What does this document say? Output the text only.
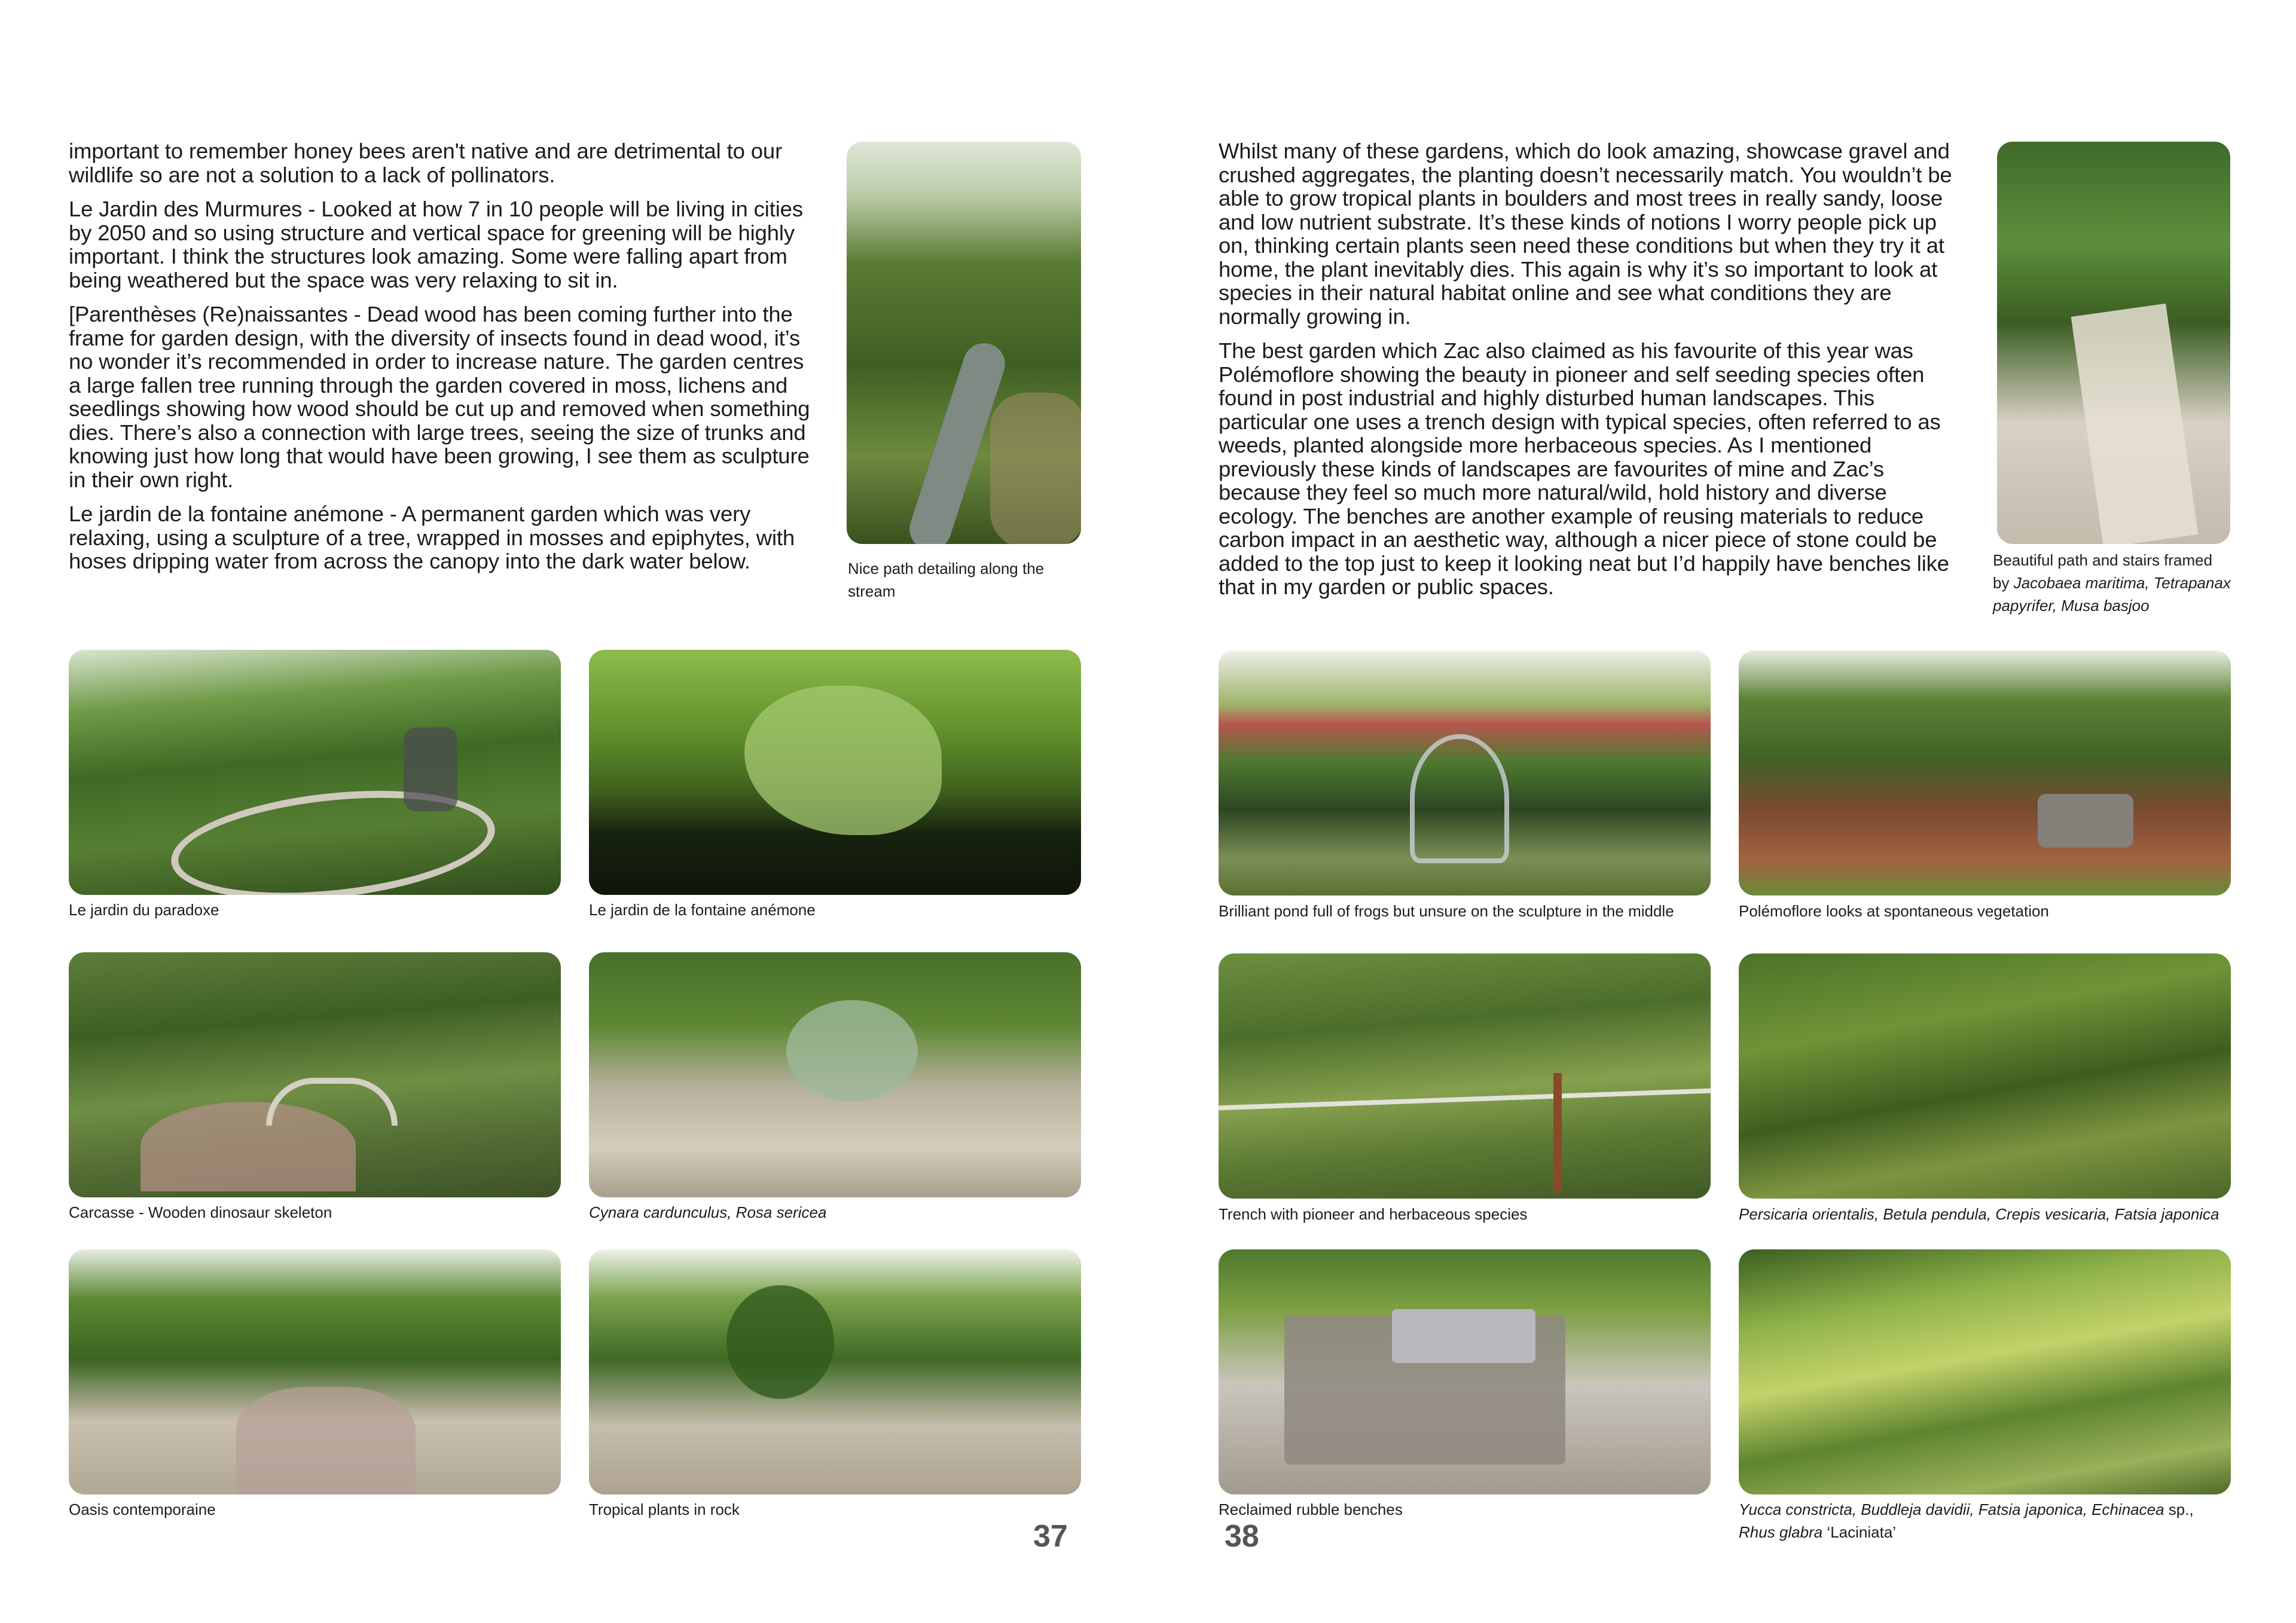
important to remember honey bees aren't native and are detrimental to our wildlife so are not a solution to a lack of pollinators.

Le Jardin des Murmures - Looked at how 7 in 10 people will be living in cities by 2050 and so using structure and vertical space for greening will be highly important. I think the structures look amazing. Some were falling apart from being weathered but the space was very relaxing to sit in.

[Parenthèses (Re)naissantes - Dead wood has been coming further into the frame for garden design, with the diversity of insects found in dead wood, it’s no wonder it’s recommended in order to increase nature. The garden centres a large fallen tree running through the garden covered in moss, lichens and seedlings showing how wood should be cut up and removed when something dies. There’s also a connection with large trees, seeing the size of trunks and knowing just how long that would have been growing, I see them as sculpture in their own right.

Le jardin de la fontaine anémone - A permanent garden which was very relaxing, using a sculpture of a tree, wrapped in mosses and epiphytes, with hoses dripping water from across the canopy into the dark water below.	Nice path detailing along the stream
Le jardin du paradoxe	Le jardin de la fontaine anémone
Carcasse - Wooden dinosaur skeleton	Cynara cardunculus, Rosa sericea
Oasis contemporaine	Tropical plants in rock
37

Whilst many of these gardens, which do look amazing, showcase gravel and crushed aggregates, the planting doesn’t necessarily match. You wouldn’t be able to grow tropical plants in boulders and most trees in really sandy, loose and low nutrient substrate. It’s these kinds of notions I worry people pick up on, thinking certain plants seen need these conditions but when they try it at home, the plant inevitably dies. This again is why it’s so important to look at species in their natural habitat online and see what conditions they are normally growing in.

The best garden which Zac also claimed as his favourite of this year was Polémoflore showing the beauty in pioneer and self seeding species often found in post industrial and highly disturbed human landscapes. This particular one uses a trench design with typical species, often referred to as weeds, planted alongside more herbaceous species. As I mentioned previously these kinds of landscapes are favourites of mine and Zac’s because they feel so much more natural/wild, hold history and diverse ecology. The benches are another example of reusing materials to reduce carbon impact in an aesthetic way, although a nicer piece of stone could be added to the top just to keep it looking neat but I’d happily have benches like that in my garden or public spaces.

Beautiful path and stairs framed by Jacobaea maritima, Tetrapanax papyrifer, Musa basjoo
Brilliant pond full of frogs but unsure on the sculpture in the middle	Polémoflore looks at spontaneous vegetation
Trench with pioneer and herbaceous species	Persicaria orientalis, Betula pendula, Crepis vesicaria, Fatsia japonica
Reclaimed rubble benches	Yucca constricta, Buddleja davidii, Fatsia japonica, Echinacea sp., Rhus glabra ‘Laciniata’
38
